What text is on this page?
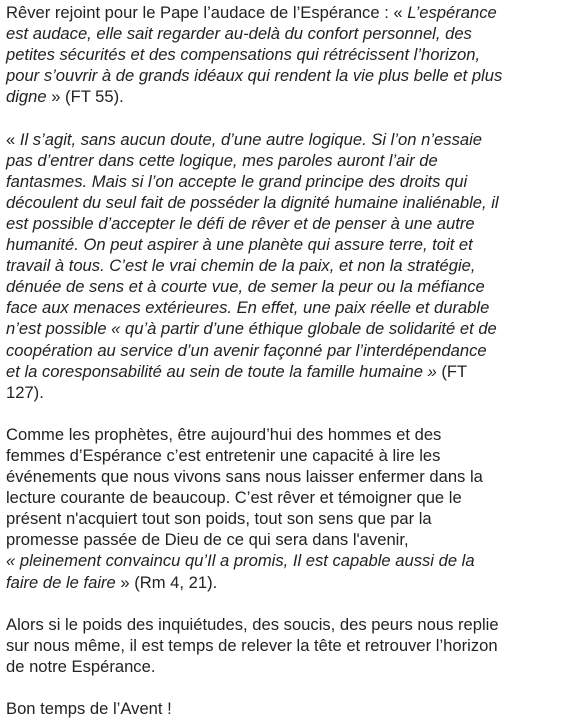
Rêver rejoint pour le Pape l’audace de l’Espérance : « L’espérance
est audace, elle sait regarder au-delà du confort personnel, des
petites sécurités et des compensations qui rétrécissent l’horizon,
pour s’ouvrir à de grands idéaux qui rendent la vie plus belle et plus
digne » (FT 55).

« Il s’agit, sans aucun doute, d’une autre logique. Si l’on n’essaie
pas d’entrer dans cette logique, mes paroles auront l’air de
fantasmes. Mais si l’on accepte le grand principe des droits qui
découlent du seul fait de posséder la dignité humaine inaliénable, il
est possible d’accepter le défi de rêver et de penser à une autre
humanité. On peut aspirer à une planète qui assure terre, toit et
travail à tous. C’est le vrai chemin de la paix, et non la stratégie,
dénuée de sens et à courte vue, de semer la peur ou la méfiance
face aux menaces extérieures. En effet, une paix réelle et durable
n’est possible « qu’à partir d’une éthique globale de solidarité et de
coopération au service d’un avenir façonné par l’interdépendance
et la coresponsabilité au sein de toute la famille humaine » (FT
127).

Comme les prophètes, être aujourd’hui des hommes et des
femmes d’Espérance c’est entretenir une capacité à lire les
événements que nous vivons sans nous laisser enfermer dans la
lecture courante de beaucoup. C’est rêver et témoigner que le
présent n'acquiert tout son poids, tout son sens que par la
promesse passée de Dieu de ce qui sera dans l'avenir,
« pleinement convaincu qu’Il a promis, Il est capable aussi de la
faire de le faire » (Rm 4, 21).

Alors si le poids des inquiétudes, des soucis, des peurs nous replie
sur nous même, il est temps de relever la tête et retrouver l’horizon
de notre Espérance.

Bon temps de l’Avent !
